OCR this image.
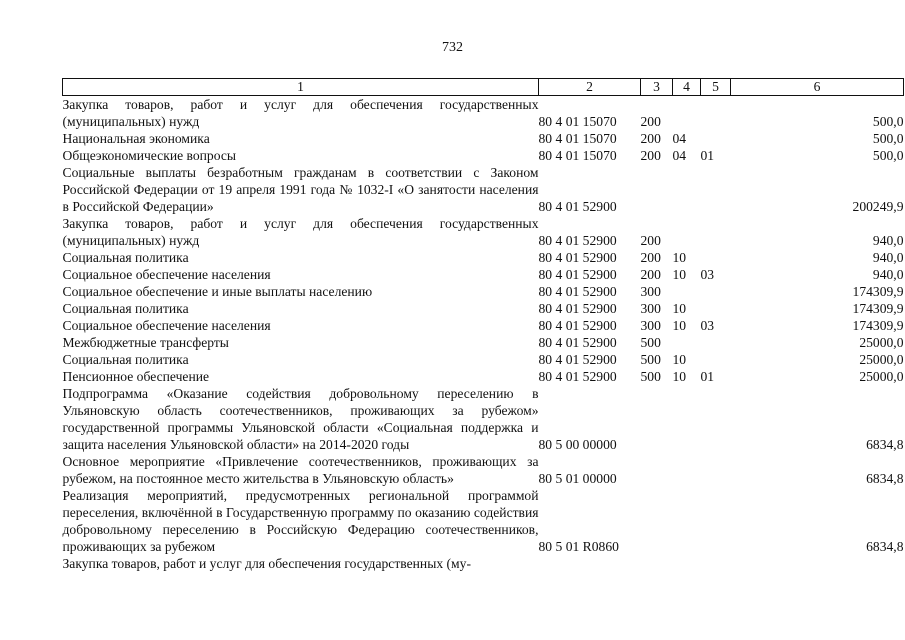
732
1	2	3	4	5	6
Закупка товаров, работ и услуг для обеспечения государственных (муниципальных) нужд	80 4 01 15070	200			500,0
Национальная экономика	80 4 01 15070	200	04		500,0
Общеэкономические вопросы	80 4 01 15070	200	04	01	500,0
Социальные выплаты безработным гражданам в соответствии с Законом Российской Федерации от 19 апреля 1991 года № 1032-I «О занятости населения в Российской Федерации»	80 4 01 52900				200249,9
Закупка товаров, работ и услуг для обеспечения государственных (муниципальных) нужд	80 4 01 52900	200			940,0
Социальная политика	80 4 01 52900	200	10		940,0
Социальное обеспечение населения	80 4 01 52900	200	10	03	940,0
Социальное обеспечение и иные выплаты населению	80 4 01 52900	300			174309,9
Социальная политика	80 4 01 52900	300	10		174309,9
Социальное обеспечение населения	80 4 01 52900	300	10	03	174309,9
Межбюджетные трансферты	80 4 01 52900	500			25000,0
Социальная политика	80 4 01 52900	500	10		25000,0
Пенсионное обеспечение	80 4 01 52900	500	10	01	25000,0
Подпрограмма «Оказание содействия добровольному переселению в Ульяновскую область соотечественников, проживающих за рубежом» государственной программы Ульяновской области «Социальная поддержка и защита населения Ульяновской области» на 2014-2020 годы	80 5 00 00000				6834,8
Основное мероприятие «Привлечение соотечественников, проживающих за рубежом, на постоянное место жительства в Ульяновскую область»	80 5 01 00000				6834,8
Реализация мероприятий, предусмотренных региональной программой переселения, включённой в Государственную программу по оказанию содействия добровольному переселению в Российскую Федерацию соотечественников, проживающих за рубежом	80 5 01 R0860				6834,8
Закупка товаров, работ и услуг для обеспечения государственных (му-					
